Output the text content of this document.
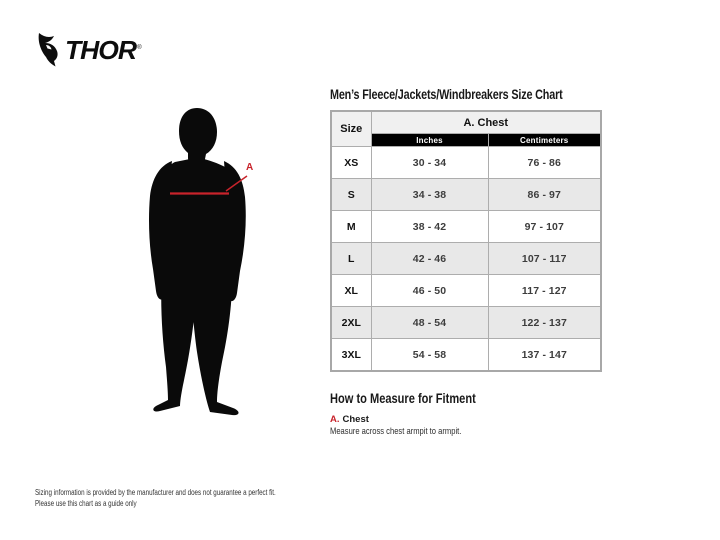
THOR®
A
Men’s Fleece/Jackets/Windbreakers Size Chart
Size	A. Chest	
	Inches	Centimeters
XS	30 - 34	76 - 86
S	34 - 38	86 - 97
M	38 - 42	97 - 107
L	42 - 46	107 - 117
XL	46 - 50	117 - 127
2XL	48 - 54	122 - 137
3XL	54 - 58	137 - 147
How to Measure for Fitment
A. Chest
Measure across chest armpit to armpit.
Sizing information is provided by the manufacturer and does not guarantee a perfect fit.
Please use this chart as a guide only
